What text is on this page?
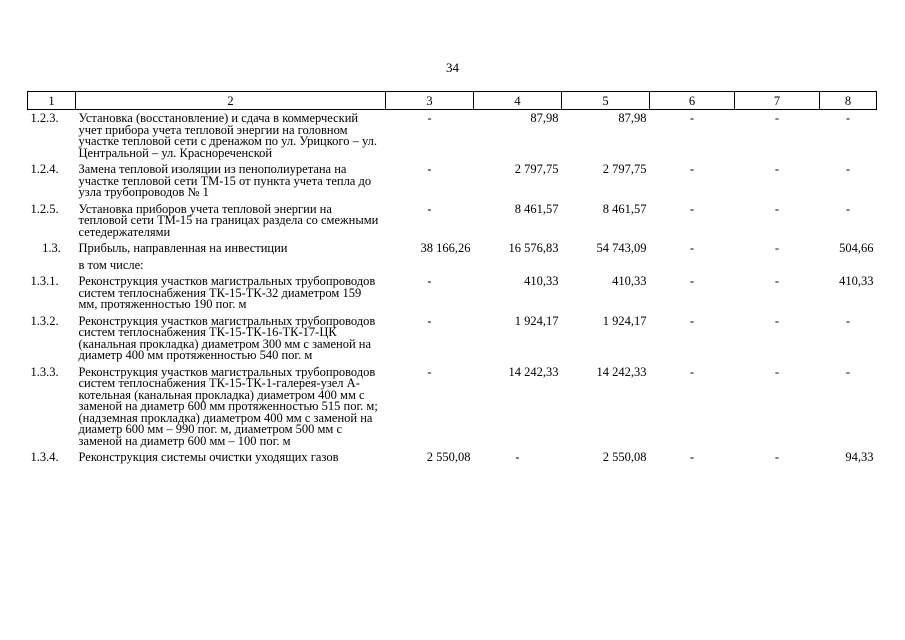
34
1	2	3	4	5	6	7	8
1.2.3.	Установка (восстановление) и сдача в коммерческий учет прибора учета тепловой энергии на головном участке тепловой сети с дренажом по ул. Урицкого – ул. Центральной – ул. Краснореченской	-	87,98	87,98	-	-	-
1.2.4.	Замена тепловой изоляции из пенополиуретана на участке тепловой сети ТМ-15 от пункта учета тепла до узла трубопроводов № 1	-	2 797,75	2 797,75	-	-	-
1.2.5.	Установка приборов учета тепловой энергии на тепловой сети ТМ-15 на границах раздела со смежными сетедержателями	-	8 461,57	8 461,57	-	-	-
1.3.	Прибыль, направленная на инвестиции	38 166,26	16 576,83	54 743,09	-	-	504,66
	в том числе:						
1.3.1.	Реконструкция участков магистральных трубопроводов систем теплоснабжения ТК-15-ТК-32 диаметром 159 мм, протяженностью 190 пог. м	-	410,33	410,33	-	-	410,33
1.3.2.	Реконструкция участков магистральных трубопроводов систем теплоснабжения ТК-15-ТК-16-ТК-17-ЦК (канальная прокладка) диаметром 300 мм с заменой на диаметр 400 мм протяженностью 540 пог. м	-	1 924,17	1 924,17	-	-	-
1.3.3.	Реконструкция участков магистральных трубопроводов систем теплоснабжения ТК-15-ТК-1-галерея-узел А-котельная (канальная прокладка) диаметром 400 мм с заменой на диаметр 600 мм протяженностью 515 пог. м; (надземная прокладка) диаметром 400 мм с заменой на диаметр 600 мм – 990 пог. м, диаметром 500 мм с заменой на диаметр 600 мм – 100 пог. м	-	14 242,33	14 242,33	-	-	-
1.3.4.	Реконструкция системы очистки уходящих газов	2 550,08	-	2 550,08	-	-	94,33
